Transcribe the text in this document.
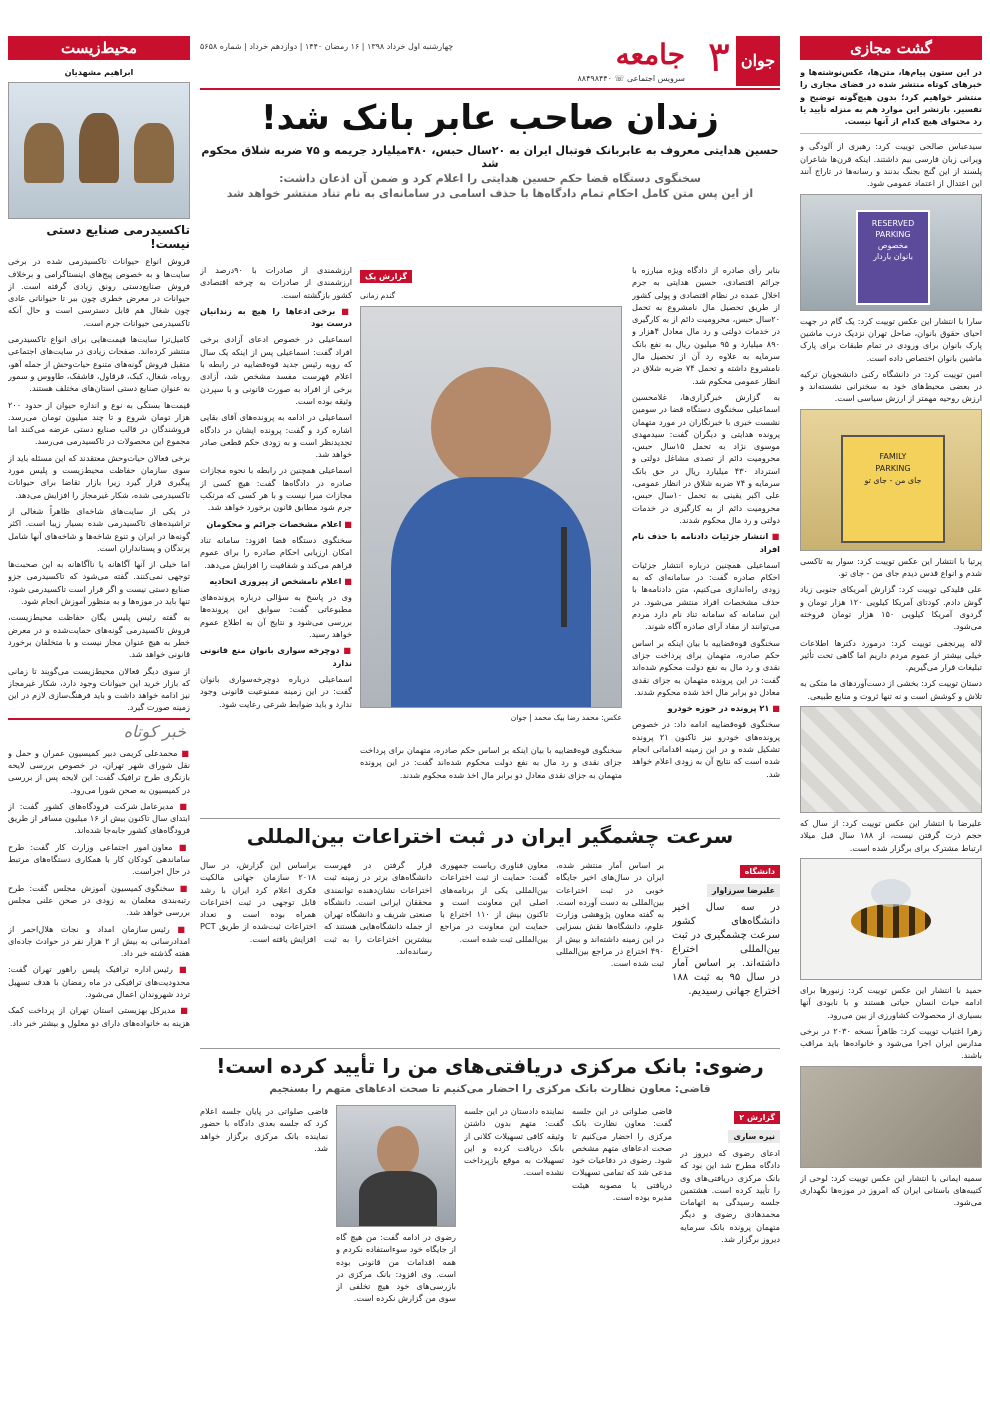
گشت مجازی
در این ستون پیام‌ها، متن‌ها، عکس‌نوشته‌ها و خبرهای کوتاه منتشر شده در فضای مجازی را منتشر خواهیم کرد؛ بدون هیچ‌گونه توضیح و تفسیر. بازنشر این موارد هم به منزله تأیید یا رد محتوای هیچ کدام از آنها نیست.
سیدعباس صالحی توییت کرد: رهبری از آلودگی و ویرانی زبان فارسی بیم داشتند. اینکه قرن‌ها شاعران پلسند از این گنج بجنگ بدنند و رسانه‌ها در تاراج آنند این اعتدال از اعتماد عمومی شود.
RESERVED
PARKING
مخصوص
بانوان باردار
سارا با انتشار این عکس توییت کرد: یک گام در جهت احیای حقوق بانوان، صاحل تهران نزدیک درب ماشین پارک بانوان برای ورودی در تمام طبقات برای پارک ماشین بانوان اختصاص داده است.
امین توییت کرد: در دانشگاه رکنی دانشجویان ترکیه در بعضی محیط‌های خود به سخنرانی نشسته‌اند و ارزش روحیه مهمتر از ارزش سیاسی است.
FAMILY
PARKING
جای من - جای تو
پرتیا با انتشار این عکس توییت کرد: سوار به تاکسی شدم و انواع قدس دیدم جای من - جای تو.
علی قلیدکی توییت کرد: گزارش آمریکای جنوبی زیاد گوش دادم. کودتای آمریکا کیلویی ۱۲۰ هزار تومان و گردوی آمریکا کیلویی ۱۵۰ هزار تومان فروخته می‌شود.
لاله پیرنجفی توییت کرد: درمورد دکترها اطلاعات خیلی بیشتر از عموم مردم داریم اما گاهی تحت تأثیر تبلیغات قرار می‌گیریم.
دستان توییت کرد: بخشی از دست‌آوردهای ما متکی به تلاش و کوشش است و نه تنها ثروت و منابع طبیعی.
علیرضا با انتشار این عکس توییت کرد: از سال که حجم ذرت گرفتن نیست، از ۱۸۸ سال قبل میلاد ارتباط مشترک برای برگزار شده است.
حمید با انتشار این عکس توییت کرد: زنبورها برای ادامه حیات انسان حیاتی هستند و با نابودی آنها بسیاری از محصولات کشاورزی از بین می‌رود.
زهرا اغتیاب توییت کرد: ظاهراً نسخه ۲۰۳۰ در برخی مدارس ایران اجرا می‌شود و خانواده‌ها باید مراقب باشند.
سمیه ایمانی با انتشار این عکس توییت کرد: لوحی از کتیبه‌های باستانی ایران که امروز در موزه‌ها نگهداری می‌شود.
محیط‌زیست
ابراهیم مشهدیان
تاکسیدرمی صنایع دستی نیست!
فروش انواع حیوانات تاکسیدرمی شده در برخی سایت‌ها و به خصوص پیج‌های اینستاگرامی و برخلاف فروش صنایع‌دستی رونق زیادی گرفته است. از حیوانات در معرض خطری چون ببر تا حیواناتی عادی چون شغال هم قابل دسترسی است و حال آنکه تاکسیدرمی حیوانات جرم است.
کامیل‌ترا سایت‌ها قیمت‌هایی برای انواع تاکسیدرمی منتشر کرده‌اند. صفحات زیادی در سایت‌های اجتماعی متقبل فروش گونه‌های متنوع حیات‌وحش از جمله آهو، روباه، شغال، کبک، قرقاول، قاشقک، طاووس و سمور به عنوان صنایع دستی استان‌های مختلف هستند.
قیمت‌ها بستگی به نوع و اندازه حیوان از حدود ۲۰۰ هزار تومان شروع و تا چند میلیون تومان می‌رسد. فروشندگان در قالب صنایع دستی عرضه می‌کنند اما مجموع این محصولات در تاکسیدرمی می‌رسد.
برخی فعالان حیات‌وحش معتقدند که این مسئله باید از سوی سازمان حفاظت محیط‌زیست و پلیس مورد پیگیری قرار گیرد زیرا بازار تقاضا برای حیوانات تاکسیدرمی شده، شکار غیرمجاز را افزایش می‌دهد.
در یکی از سایت‌های شاخه‌ای ظاهراً شغالی از تراشیده‌های تاکسیدرمی شده بسیار زیبا است. اکثر گونه‌ها در ایران و تنوع شاخه‌ها و شاخه‌های آنها شامل پرندگان و پستانداران است.
اما خیلی از آنها آگاهانه یا ناآگاهانه به این صحبت‌ها توجهی نمی‌کنند. گفته می‌شود که تاکسیدرمی جزو صنایع دستی نیست و اگر قرار است تاکسیدرمی شود، تنها باید در موزه‌ها و به منظور آموزش انجام شود.
به گفته رئیس پلیس یگان حفاظت محیط‌زیست، فروش تاکسیدرمی گونه‌های حمایت‌شده و در معرض خطر به هیچ عنوان مجاز نیست و با متخلفان برخورد قانونی خواهد شد.
از سوی دیگر فعالان محیط‌زیست می‌گویند تا زمانی که بازار خرید این حیوانات وجود دارد، شکار غیرمجاز نیز ادامه خواهد داشت و باید فرهنگ‌سازی لازم در این زمینه صورت گیرد.
خبر کوتاه
■ محمدعلی کریمی دبیر کمیسیون عمران و حمل و نقل شورای شهر تهران، در خصوص بررسی لایحه بازنگری طرح ترافیک گفت: این لایحه پس از بررسی در کمیسیون به صحن شورا می‌رود.
■ مدیرعامل شرکت فرودگاه‌های کشور گفت: از ابتدای سال تاکنون بیش از ۱۶ میلیون مسافر از طریق فرودگاه‌های کشور جابه‌جا شده‌اند.
■ معاون امور اجتماعی وزارت کار گفت: طرح ساماندهی کودکان کار با همکاری دستگاه‌های مرتبط در حال اجراست.
■ سخنگوی کمیسیون آموزش مجلس گفت: طرح رتبه‌بندی معلمان به زودی در صحن علنی مجلس بررسی خواهد شد.
■ رئیس سازمان امداد و نجات هلال‌احمر از امدادرسانی به بیش از ۲ هزار نفر در حوادث جاده‌ای هفته گذشته خبر داد.
■ رئیس اداره ترافیک پلیس راهور تهران گفت: محدودیت‌های ترافیکی در ماه رمضان با هدف تسهیل تردد شهروندان اعمال می‌شود.
■ مدیرکل بهزیستی استان تهران از پرداخت کمک هزینه به خانواده‌های دارای دو معلول و بیشتر خبر داد.
جوان
۳
جامعه
چهارشنبه اول خرداد ۱۳۹۸ | ۱۶ رمضان ۱۴۴۰ | دوازدهم خرداد | شماره ۵۶۵۸
سرویس اجتماعی ☏ ۸۸۴۹۸۴۴۰
زندان صاحب عابر بانک شد!
حسین هدایتی معروف به عابربانک فوتبال ایران به ۲۰سال حبس، ۴۸۰میلیارد جریمه و ۷۵ ضربه شلاق محکوم شد
سخنگوی دستگاه قضا حکم حسین هدایتی را اعلام کرد و ضمن آن اذعان داشت:
از این پس متن کامل احکام تمام دادگاه‌ها با حذف اسامی در سامانه‌ای به نام تناد منتشر خواهد شد
بنابر رأی صادره از دادگاه ویژه مبارزه با جرائم اقتصادی، حسین هدایتی به جرم اخلال عمده در نظام اقتصادی و پولی کشور از طریق تحصیل مال نامشروع به تحمل ۲۰سال حبس، محرومیت دائم از به کارگیری در خدمات دولتی و رد مال معادل ۴هزار و ۸۹۰ میلیارد و ۹۵ میلیون ریال به نفع بانک سرمایه به علاوه رد آن از تحصیل مال نامشروع داشته و تحمل ۷۴ ضربه شلاق در انظار عمومی محکوم شد.
به گزارش خبرگزاری‌ها، غلامحسین اسماعیلی سخنگوی دستگاه قضا در سومین نشست خبری با خبرنگاران در مورد متهمان پرونده هدایتی و دیگران گفت: سیدمهدی موسوی نژاد به تحمل ۱۵سال حبس، محرومیت دائم از تصدی مشاغل دولتی و استرداد ۴۳۰ میلیارد ریال در حق بانک سرمایه و ۷۴ ضربه شلاق در انظار عمومی، علی اکبر یقینی به تحمل ۱۰سال حبس، محرومیت دائم از به کارگیری در خدمات دولتی و رد مال محکوم شدند.
■ انتشار جزئیات دادنامه با حذف نام افراد
اسماعیلی همچنین درباره انتشار جزئیات احکام صادره گفت: در سامانه‌ای که به زودی راه‌اندازی می‌کنیم، متن دادنامه‌ها با حذف مشخصات افراد منتشر می‌شود. در این سامانه که سامانه تناد نام دارد مردم می‌توانند از مفاد آرای صادره آگاه شوند.
سخنگوی قوه‌قضاییه با بیان اینکه بر اساس حکم صادره، متهمان برای پرداخت جزای نقدی و رد مال به نفع دولت محکوم شده‌اند گفت: در این پرونده متهمان به جزای نقدی معادل دو برابر مال اخذ شده محکوم شدند.
■ ۲۱ پرونده در حوزه خودرو
سخنگوی قوه‌قضاییه ادامه داد: در خصوص پرونده‌های خودرو نیز تاکنون ۲۱ پرونده تشکیل شده و در این زمینه اقداماتی انجام شده است که نتایج آن به زودی اعلام خواهد شد.
گزارش یک
گندم زمانی
عکس: محمد رضا بیک محمد | جوان
ارزشمندی از صادرات با ۹۰درصد از ارزشمندی از صادرات به چرخه اقتصادی کشور بازگشته است.
■ برخی ادعاها را هیچ به زندانیان درست بود
اسماعیلی در خصوص ادعای آزادی برخی افراد گفت: اسماعیلی پس از اینکه یک سال که رویه رئیس جدید قوه‌قضاییه در رابطه با اعلام فهرست مفسد مشخص شد، آزادی برخی از افراد به صورت قانونی و با سپردن وثیقه بوده است.
اسماعیلی در ادامه به پرونده‌های آقای بقایی اشاره کرد و گفت: پرونده ایشان در دادگاه تجدیدنظر است و به زودی حکم قطعی صادر خواهد شد.
اسماعیلی همچنین در رابطه با نحوه مجازات صادره در دادگاه‌ها گفت: هیچ کسی از مجازات مبرا نیست و با هر کسی که مرتکب جرم شود مطابق قانون برخورد خواهد شد.
■ اعلام مشخصات جرائم و محکومان
سخنگوی دستگاه قضا افزود: سامانه تناد امکان ارزیابی احکام صادره را برای عموم فراهم می‌کند و شفافیت را افزایش می‌دهد.
■ اعلام نامشخص از پیروزی اتحادیه
وی در پاسخ به سؤالی درباره پرونده‌های مطبوعاتی گفت: سوابق این پرونده‌ها بررسی می‌شود و نتایج آن به اطلاع عموم خواهد رسید.
■ دوچرخه سواری بانوان منع قانونی ندارد
اسماعیلی درباره دوچرخه‌سواری بانوان گفت: در این زمینه ممنوعیت قانونی وجود ندارد و باید ضوابط شرعی رعایت شود.
سخنگوی قوه‌قضاییه با بیان اینکه بر اساس حکم صادره، متهمان برای پرداخت جزای نقدی و رد مال به نفع دولت محکوم شده‌اند گفت: در این پرونده متهمان به جزای نقدی معادل دو برابر مال اخذ شده محکوم شدند.
سرعت چشمگیر ایران در ثبت اختراعات بین‌المللی
دانشگاه علیرضا سرزاوار
در سه سال اخیر دانشگاه‌های کشور سرعت چشمگیری در ثبت بین‌المللی اختراع داشته‌اند. بر اساس آمار در سال ۹۵ به ثبت ۱۸۸ اختراع جهانی رسیدیم.
بر اساس آمار منتشر شده، ایران در سال‌های اخیر جایگاه خوبی در ثبت اختراعات بین‌المللی به دست آورده است. به گفته معاون پژوهشی وزارت علوم، دانشگاه‌ها نقش بسزایی در این زمینه داشته‌اند و بیش از ۴۹۰ اختراع در مراجع بین‌المللی ثبت شده است.
معاون فناوری ریاست جمهوری گفت: حمایت از ثبت اختراعات بین‌المللی یکی از برنامه‌های اصلی این معاونت است و تاکنون بیش از ۱۱۰ اختراع با حمایت این معاونت در مراجع بین‌المللی ثبت شده است.
قرار گرفتن در فهرست دانشگاه‌های برتر در زمینه ثبت اختراعات نشان‌دهنده توانمندی محققان ایرانی است. دانشگاه صنعتی شریف و دانشگاه تهران از جمله دانشگاه‌هایی هستند که بیشترین اختراعات را به ثبت رسانده‌اند.
براساس این گزارش، در سال ۲۰۱۸ سازمان جهانی مالکیت فکری اعلام کرد ایران با رشد قابل توجهی در ثبت اختراعات همراه بوده است و تعداد اختراعات ثبت‌شده از طریق PCT افزایش یافته است.
رضوی: بانک مرکزی دریافتی‌های من را تأیید کرده است!
قاضی: معاون نظارت بانک مرکزی را احضار می‌کنیم تا صحت ادعاهای متهم را بسنجیم
گزارش ۲ نیره ساری
ادعای رضوی که دیروز در دادگاه مطرح شد این بود که بانک مرکزی دریافتی‌های وی را تأیید کرده است. هشتمین جلسه رسیدگی به اتهامات محمدهادی رضوی و دیگر متهمان پرونده بانک سرمایه دیروز برگزار شد.
قاضی صلواتی در این جلسه گفت: معاون نظارت بانک مرکزی را احضار می‌کنیم تا صحت ادعاهای متهم مشخص شود. رضوی در دفاعیات خود مدعی شد که تمامی تسهیلات دریافتی با مصوبه هیئت مدیره بوده است.
نماینده دادستان در این جلسه گفت: متهم بدون داشتن وثیقه کافی تسهیلات کلانی از بانک دریافت کرده و این تسهیلات به موقع بازپرداخت نشده است.
رضوی در ادامه گفت: من هیچ گاه از جایگاه خود سوءاستفاده نکردم و همه اقدامات من قانونی بوده است. وی افزود: بانک مرکزی در بازرسی‌های خود هیچ تخلفی از سوی من گزارش نکرده است.
قاضی صلواتی در پایان جلسه اعلام کرد که جلسه بعدی دادگاه با حضور نماینده بانک مرکزی برگزار خواهد شد.
